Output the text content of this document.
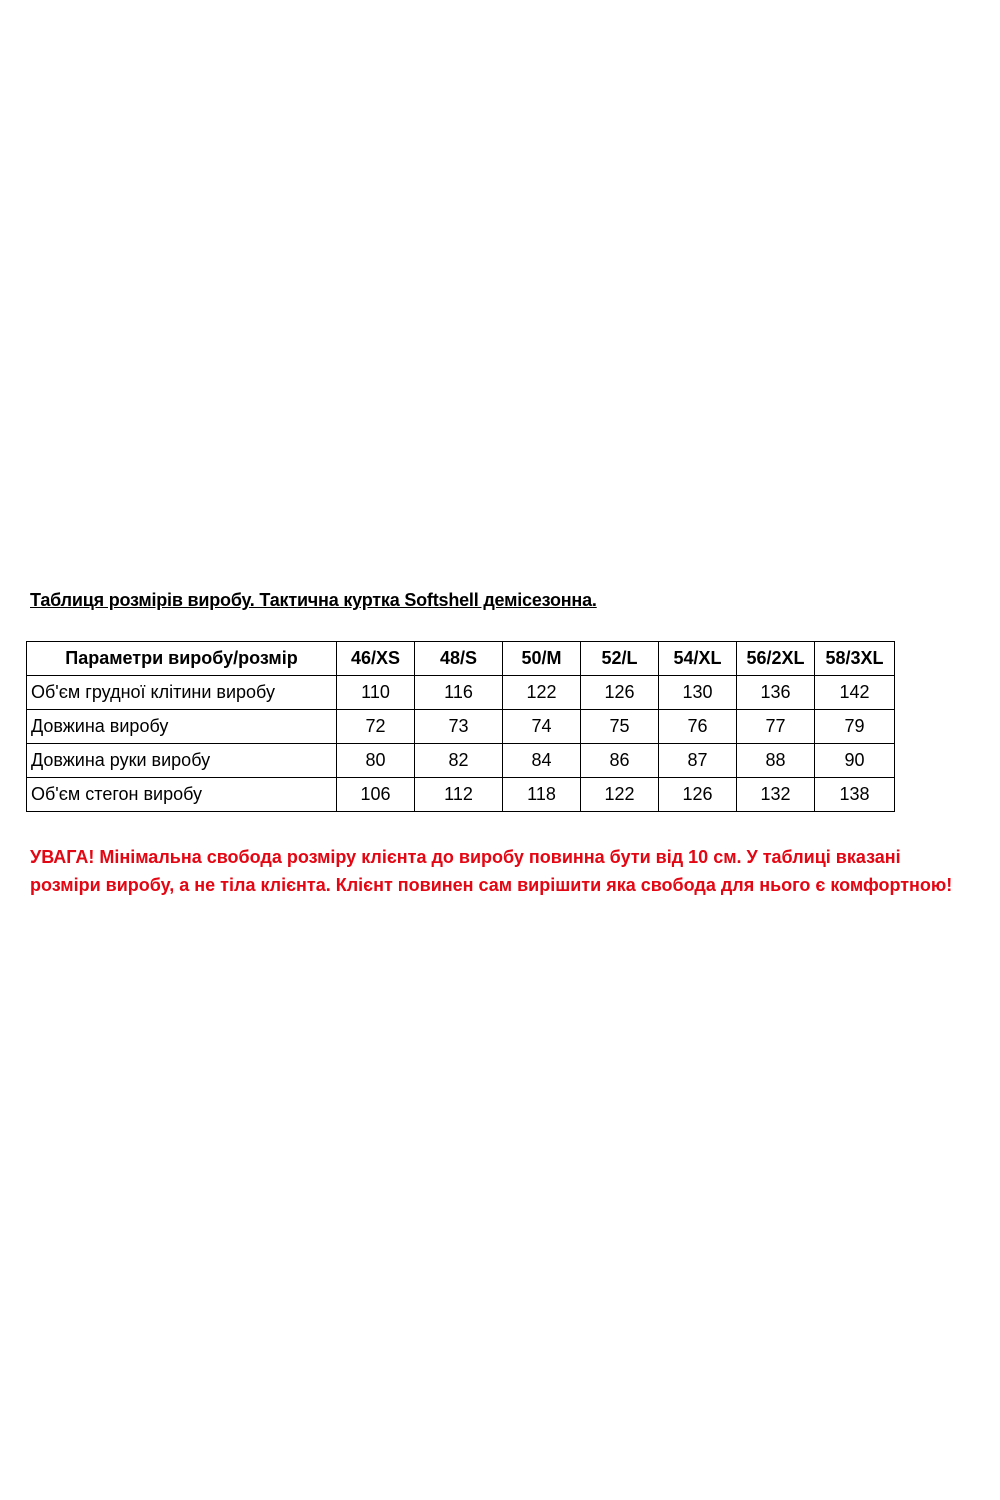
Таблиця розмірів виробу. Тактична куртка Softshell демісезонна.
Параметри виробу/розмір	46/XS	48/S	50/M	52/L	54/XL	56/2XL	58/3XL
Об'єм грудної клітини виробу	110	116	122	126	130	136	142
Довжина виробу	72	73	74	75	76	77	79
Довжина руки виробу	80	82	84	86	87	88	90
Об'єм стегон виробу	106	112	118	122	126	132	138
УВАГА! Мінімальна свобода розміру клієнта до виробу повинна бути від 10 см. У таблиці вказані
розміри виробу, а не тіла клієнта. Клієнт повинен сам вирішити яка свобода для нього є комфортною!
